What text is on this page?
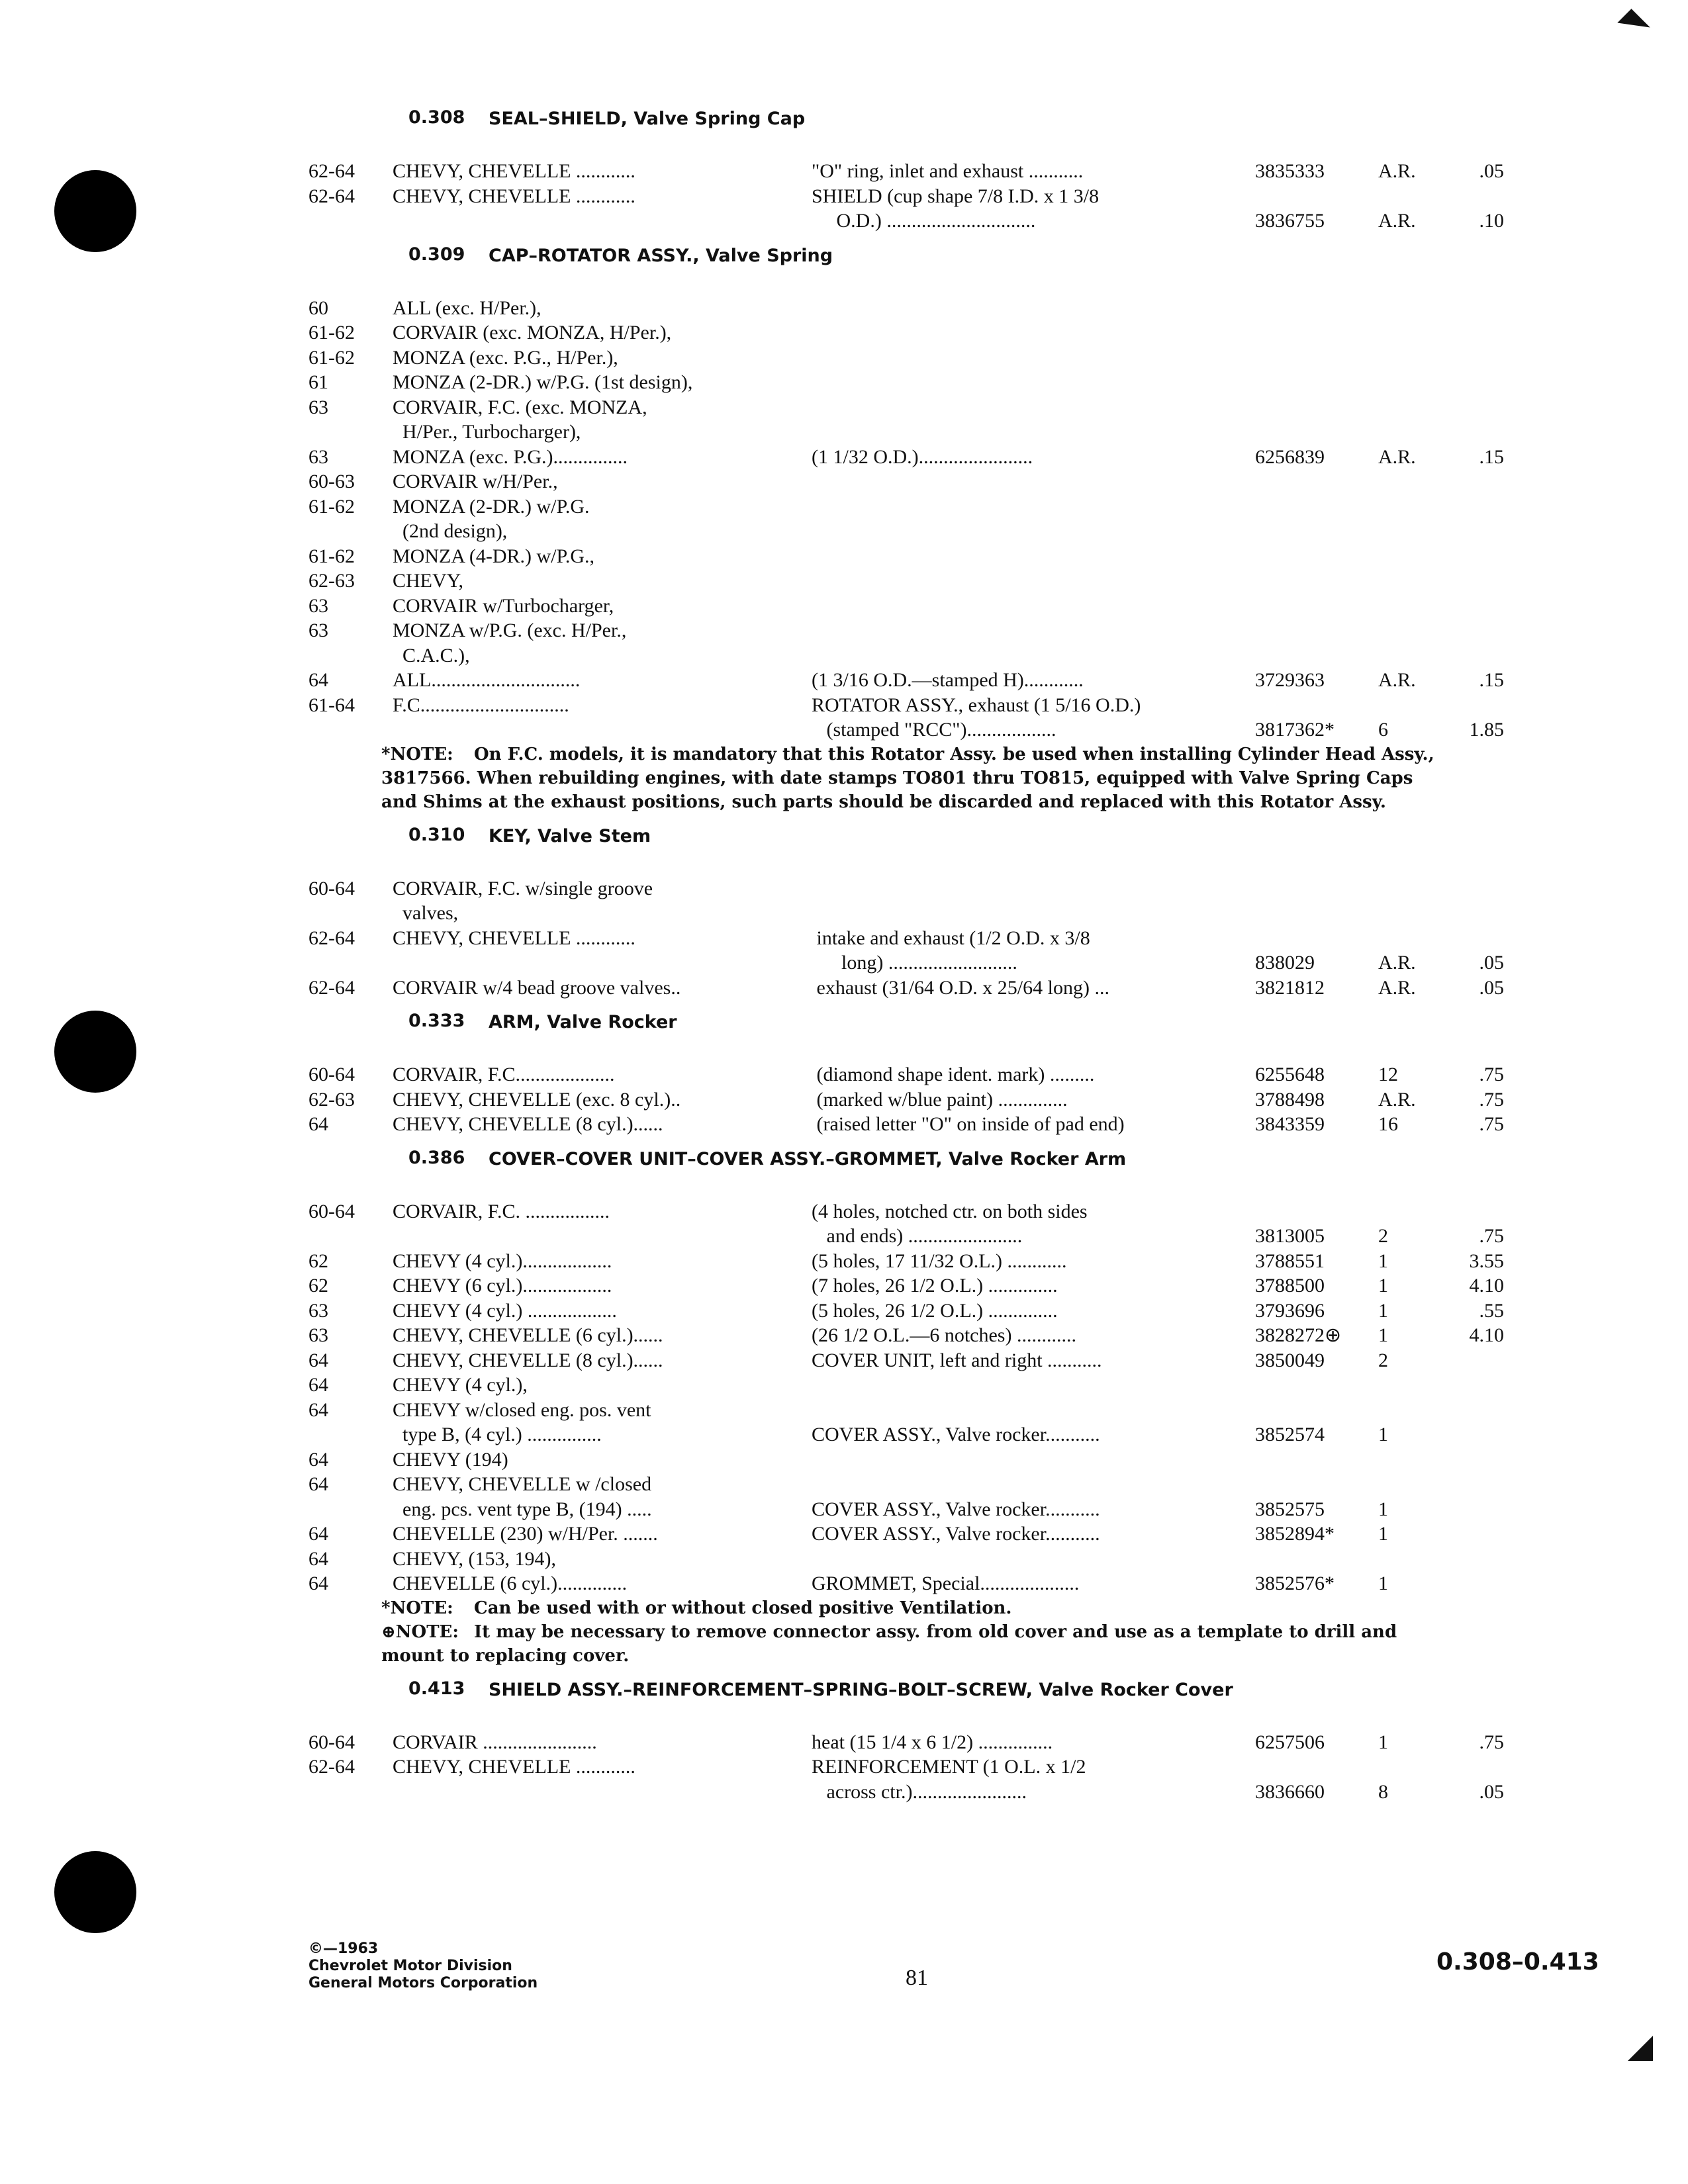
0.308 SEAL–SHIELD, Valve Spring Cap
62-64	CHEVY, CHEVELLE ............	"O" ring, inlet and exhaust ...........	3835333	A.R.	.05
62-64	CHEVY, CHEVELLE ............	SHIELD (cup shape 7/8 I.D. x 1 3/8
O.D.) ..............................	3836755	A.R.	.10
0.309 CAP–ROTATOR ASSY., Valve Spring
60	ALL (exc. H/Per.),
61-62	CORVAIR (exc. MONZA, H/Per.),
61-62	MONZA (exc. P.G., H/Per.),
61	MONZA (2-DR.) w/P.G. (1st design),
63	CORVAIR, F.C. (exc. MONZA,
H/Per., Turbocharger),
63	MONZA (exc. P.G.)...............	(1 1/32 O.D.).......................	6256839	A.R.	.15
60-63	CORVAIR w/H/Per.,
61-62	MONZA (2-DR.) w/P.G.
(2nd design),
61-62	MONZA (4-DR.) w/P.G.,
62-63	CHEVY,
63	CORVAIR w/Turbocharger,
63	MONZA w/P.G. (exc. H/Per.,
C.A.C.),
64	ALL..............................	(1 3/16 O.D.—stamped H)............	3729363	A.R.	.15
61-64	F.C..............................	ROTATOR ASSY., exhaust (1 5/16 O.D.)
(stamped "RCC")..................	3817362*	6	1.85
*NOTE: On F.C. models, it is mandatory that this Rotator Assy. be used when installing Cylinder Head Assy., 3817566. When rebuilding engines, with date stamps TO801 thru TO815, equipped with Valve Spring Caps and Shims at the exhaust positions, such parts should be discarded and replaced with this Rotator Assy.
0.310 KEY, Valve Stem
60-64	CORVAIR, F.C. w/single groove
valves,
62-64	CHEVY, CHEVELLE ............	intake and exhaust (1/2 O.D. x 3/8
long) ..........................	838029	A.R.	.05
62-64	CORVAIR w/4 bead groove valves..	exhaust (31/64 O.D. x 25/64 long) ...	3821812	A.R.	.05
0.333 ARM, Valve Rocker
60-64	CORVAIR, F.C....................	(diamond shape ident. mark) .........	6255648	12	.75
62-63	CHEVY, CHEVELLE (exc. 8 cyl.)..	(marked w/blue paint) ..............	3788498	A.R.	.75
64	CHEVY, CHEVELLE (8 cyl.)......	(raised letter "O" on inside of pad end)	3843359	16	.75
0.386 COVER–COVER UNIT–COVER ASSY.–GROMMET, Valve Rocker Arm
60-64	CORVAIR, F.C. .................	(4 holes, notched ctr. on both sides
and ends) .......................	3813005	2	.75
62	CHEVY (4 cyl.)..................	(5 holes, 17 11/32 O.L.) ............	3788551	1	3.55
62	CHEVY (6 cyl.)..................	(7 holes, 26 1/2 O.L.) ..............	3788500	1	4.10
63	CHEVY (4 cyl.) ..................	(5 holes, 26 1/2 O.L.) ..............	3793696	1	.55
63	CHEVY, CHEVELLE (6 cyl.)......	(26 1/2 O.L.—6 notches) ............	3828272⊕	1	4.10
64	CHEVY, CHEVELLE (8 cyl.)......	COVER UNIT, left and right ...........	3850049	2
64	CHEVY (4 cyl.),
64	CHEVY w/closed eng. pos. vent
type B, (4 cyl.) ...............	COVER ASSY., Valve rocker...........	3852574	1
64	CHEVY (194)
64	CHEVY, CHEVELLE w /closed
eng. pcs. vent type B, (194) .....	COVER ASSY., Valve rocker...........	3852575	1
64	CHEVELLE (230) w/H/Per. .......	COVER ASSY., Valve rocker...........	3852894*	1
64	CHEVY, (153, 194),
64	CHEVELLE (6 cyl.)..............	GROMMET, Special....................	3852576*	1
*NOTE: Can be used with or without closed positive Ventilation.
⊕NOTE: It may be necessary to remove connector assy. from old cover and use as a template to drill and mount to replacing cover.
0.413 SHIELD ASSY.–REINFORCEMENT–SPRING–BOLT–SCREW, Valve Rocker Cover
60-64	CORVAIR .......................	heat (15 1/4 x 6 1/2) ...............	6257506	1	.75
62-64	CHEVY, CHEVELLE ............	REINFORCEMENT (1 O.L. x 1/2
across ctr.).......................	3836660	8	.05
©—1963
Chevrolet Motor Division
General Motors Corporation	81
0.308–0.413
